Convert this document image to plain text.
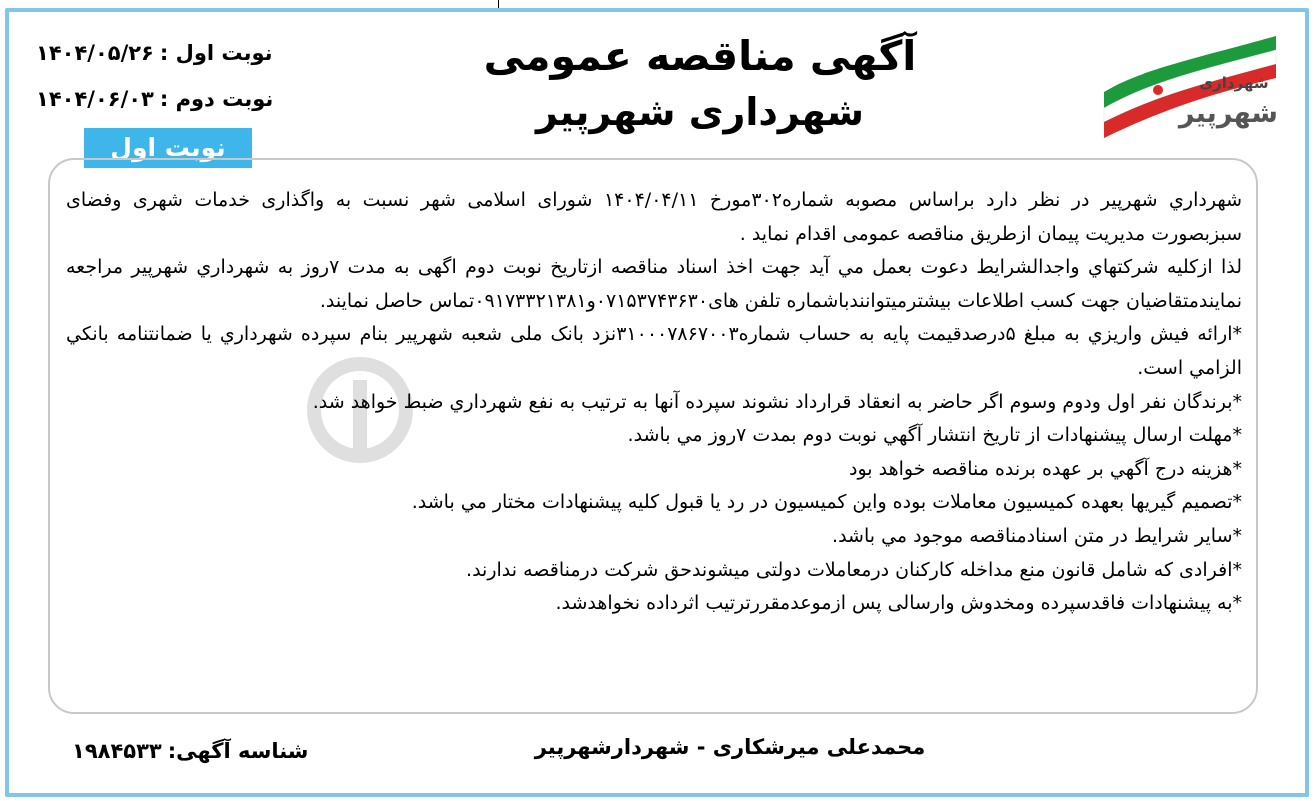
شهرداری
شهرپیر
آگهی مناقصه عمومی
شهرداری شهرپیر
نوبت اول :۱۴۰۴/۰۵/۲۶
نوبت دوم :۱۴۰۴/۰۶/۰۳
نوبت اول

شهرداري شهرپير در نظر دارد براساس مصوبه شماره۳۰۲مورخ ۱۴۰۴/۰۴/۱۱ شورای اسلامی شهر نسبت به واگذاری خدمات شهری وفضای سبزبصورت مديريت پيمان ازطريق مناقصه عمومی اقدام نمايد .

لذا ازكليه شركتهاي واجدالشرايط دعوت بعمل مي آيد جهت اخذ اسناد مناقصه ازتاريخ نوبت دوم اگهی به مدت ۷روز به شهرداري شهرپير مراجعه نمايندمتقاضيان جهت كسب اطلاعات بيشترميتوانندباشماره تلفن های۰۷۱۵۳۷۴۳۶۳۰و۰۹۱۷۳۳۲۱۳۸۱تماس حاصل نمايند.

*ارائه فيش واريزي به مبلغ ۵درصدقيمت پايه به حساب شماره۳۱۰۰۰۷۸۶۷۰۰۳نزد بانک ملی شعبه شهرپير بنام سپرده شهرداري يا ضمانتنامه بانكي الزامي است.

*برندگان نفر اول ودوم وسوم اگر حاضر به انعقاد قرارداد نشوند سپرده آنها به ترتيب به نفع شهرداري ضبط خواهد شد.

*مهلت ارسال پيشنهادات از تاريخ انتشار آگهي نوبت دوم بمدت ۷روز مي باشد.

*هزينه درج آگهي بر عهده برنده مناقصه خواهد بود

*تصميم گيريها بعهده كميسيون معاملات بوده واين كميسيون در رد يا قبول كليه پيشنهادات مختار مي باشد.

*ساير شرايط در متن اسنادمناقصه موجود مي باشد.

*افرادی كه شامل قانون منع مداخله كاركنان درمعاملات دولتی ميشوندحق شركت درمناقصه ندارند.

*به پيشنهادات فاقدسپرده ومخدوش وارسالی پس ازموعدمقررترتيب اثرداده نخواهدشد.

محمدعلی میرشکاری - شهردارشهرپیر
شناسه آگهی:۱۹۸۴۵۳۳
